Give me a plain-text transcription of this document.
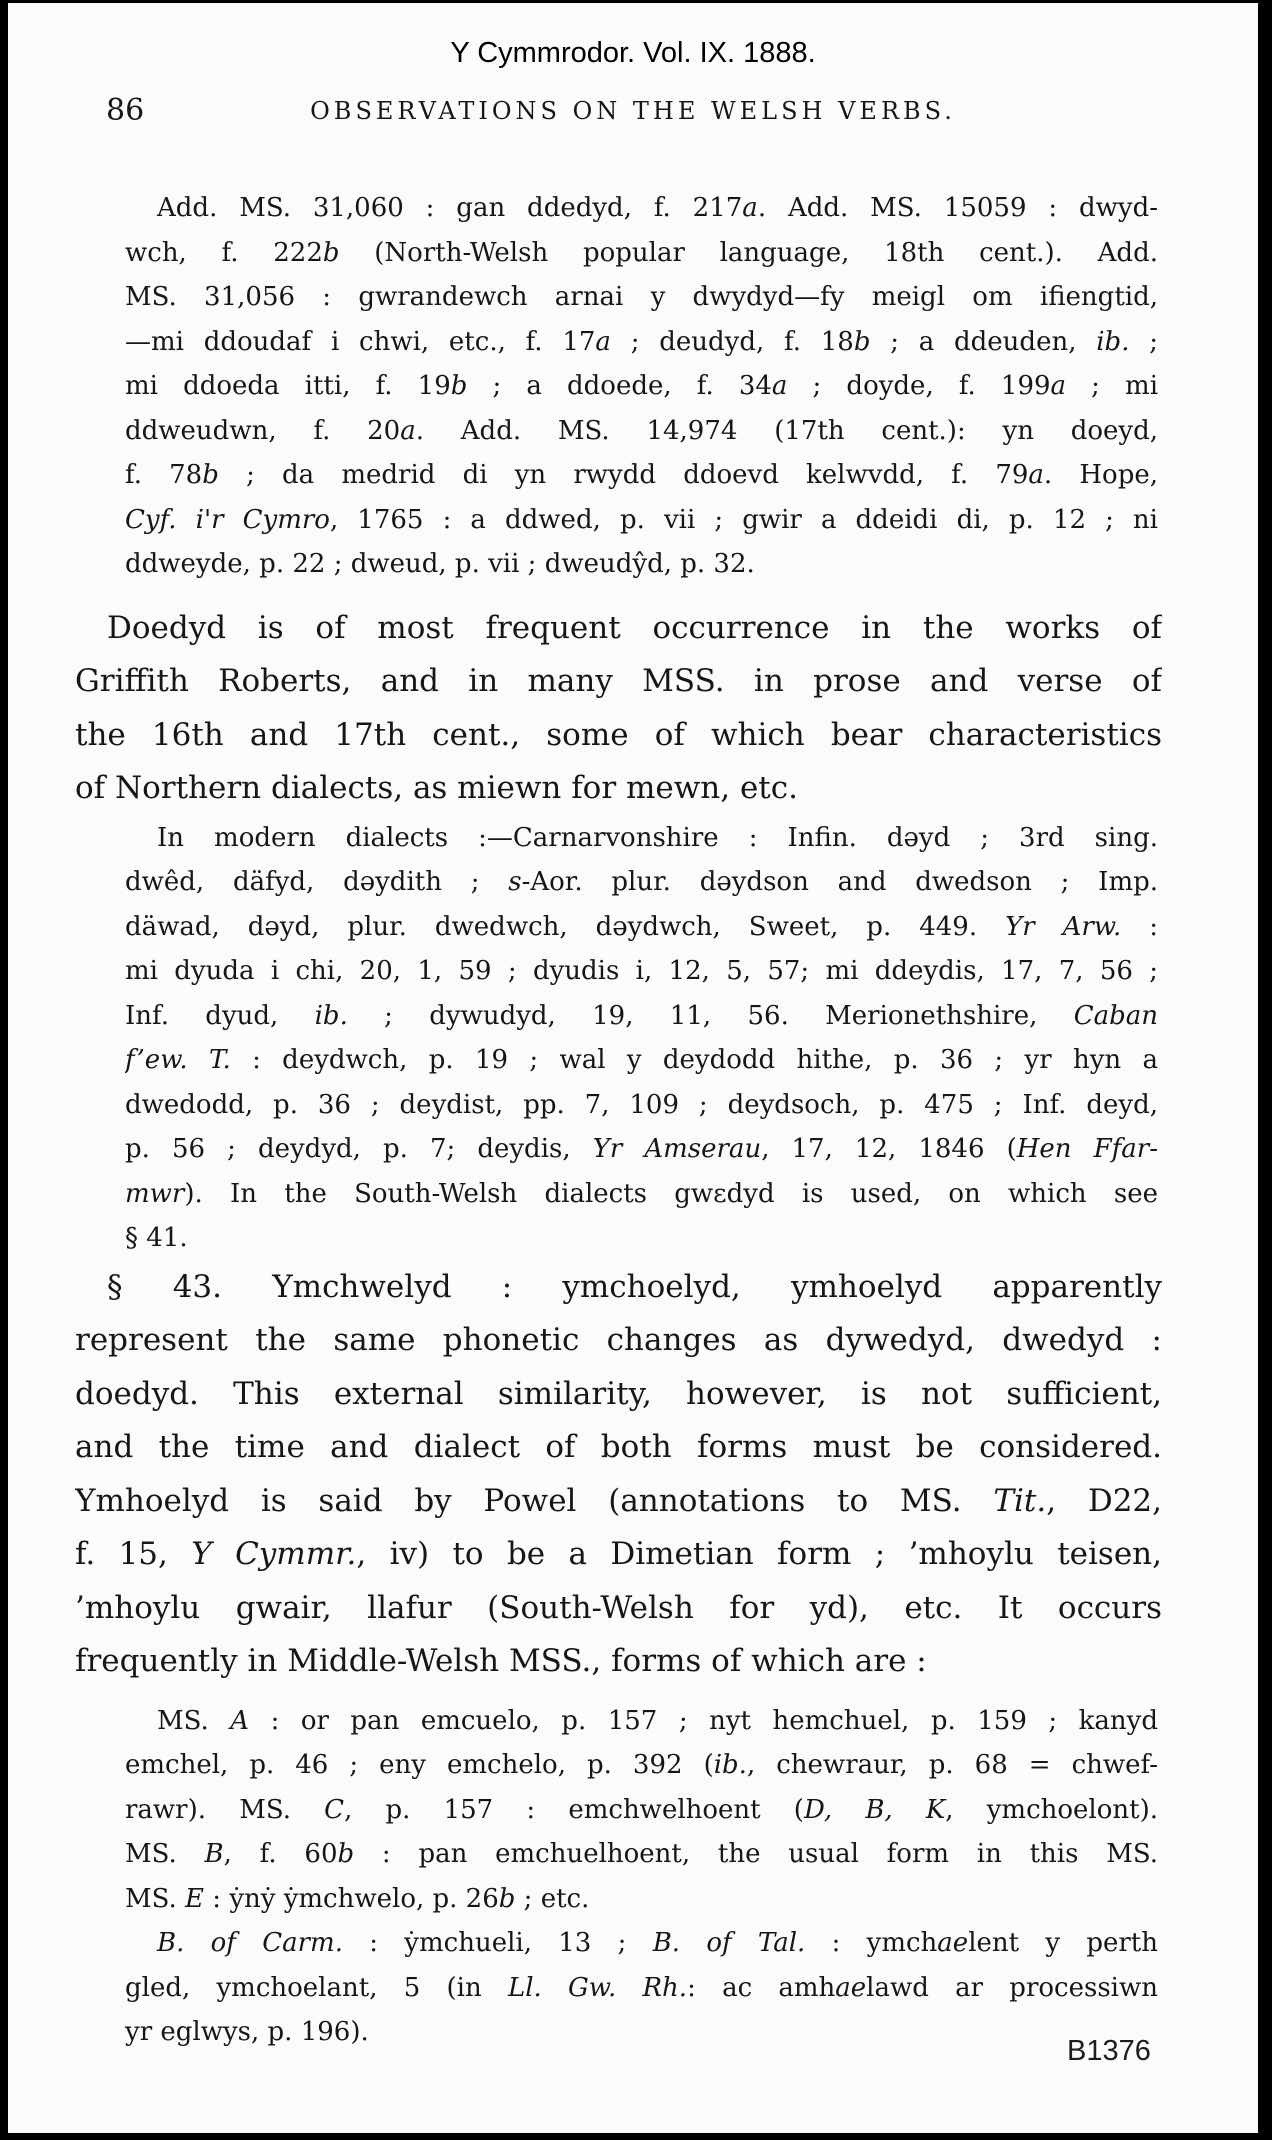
Y Cymmrodor. Vol. IX. 1888.
86	OBSERVATIONS ON THE WELSH VERBS.
Add. MS. 31,060 : gan ddedyd, f. 217a. Add. MS. 15059 : dwyd-
wch, f. 222b (North-Welsh popular language, 18th cent.). Add.
MS. 31,056 : gwrandewch arnai y dwydyd—fy meigl om ifiengtid,
—mi ddoudaf i chwi, etc., f. 17a ; deudyd, f. 18b ; a ddeuden, ib. ;
mi ddoeda itti, f. 19b ; a ddoede, f. 34a ; doyde, f. 199a ; mi
ddweudwn, f. 20a. Add. MS. 14,974 (17th cent.): yn doeyd,
f. 78b ; da medrid di yn rwydd ddoevd kelwvdd, f. 79a. Hope,
Cyf. i'r Cymro, 1765 : a ddwed, p. vii ; gwir a ddeidi di, p. 12 ; ni
ddweyde, p. 22 ; dweud, p. vii ; dweudŷd, p. 32.
Doedyd is of most frequent occurrence in the works of
Griffith Roberts, and in many MSS. in prose and verse of
the 16th and 17th cent., some of which bear characteristics
of Northern dialects, as miewn for mewn, etc.
In modern dialects :—Carnarvonshire : Infin. dəyd ; 3rd sing.
dwêd, däfyd, dəydith ; s-Aor. plur. dəydson and dwedson ; Imp.
däwad, dəyd, plur. dwedwch, dəydwch, Sweet, p. 449. Yr Arw. :
mi dyuda i chi, 20, 1, 59 ; dyudis i, 12, 5, 57; mi ddeydis, 17, 7, 56 ;
Inf. dyud, ib. ; dywudyd, 19, 11, 56. Merionethshire, Caban
f’ew. T. : deydwch, p. 19 ; wal y deydodd hithe, p. 36 ; yr hyn a
dwedodd, p. 36 ; deydist, pp. 7, 109 ; deydsoch, p. 475 ; Inf. deyd,
p. 56 ; deydyd, p. 7; deydis, Yr Amserau, 17, 12, 1846 (Hen Ffar-
mwr). In the South-Welsh dialects gwɛdyd is used, on which see
§ 41.
§ 43. Ymchwelyd : ymchoelyd, ymhoelyd apparently
represent the same phonetic changes as dywedyd, dwedyd :
doedyd. This external similarity, however, is not sufficient,
and the time and dialect of both forms must be considered.
Ymhoelyd is said by Powel (annotations to MS. Tit., D22,
f. 15, Y Cymmr., iv) to be a Dimetian form ; ’mhoylu teisen,
’mhoylu gwair, llafur (South-Welsh for yd), etc. It occurs
frequently in Middle-Welsh MSS., forms of which are :
MS. A : or pan emcuelo, p. 157 ; nyt hemchuel, p. 159 ; kanyd
emchel, p. 46 ; eny emchelo, p. 392 (ib., chewraur, p. 68 = chwef-
rawr). MS. C, p. 157 : emchwelhoent (D, B, K, ymchoelont).
MS. B, f. 60b : pan emchuelhoent, the usual form in this MS.
MS. E : ẏnẏ ẏmchwelo, p. 26b ; etc.
B. of Carm. : ẏmchueli, 13 ; B. of Tal. : ymchaelent y perth
gled, ymchoelant, 5 (in Ll. Gw. Rh.: ac amhaelawd ar processiwn
yr eglwys, p. 196).
B1376
